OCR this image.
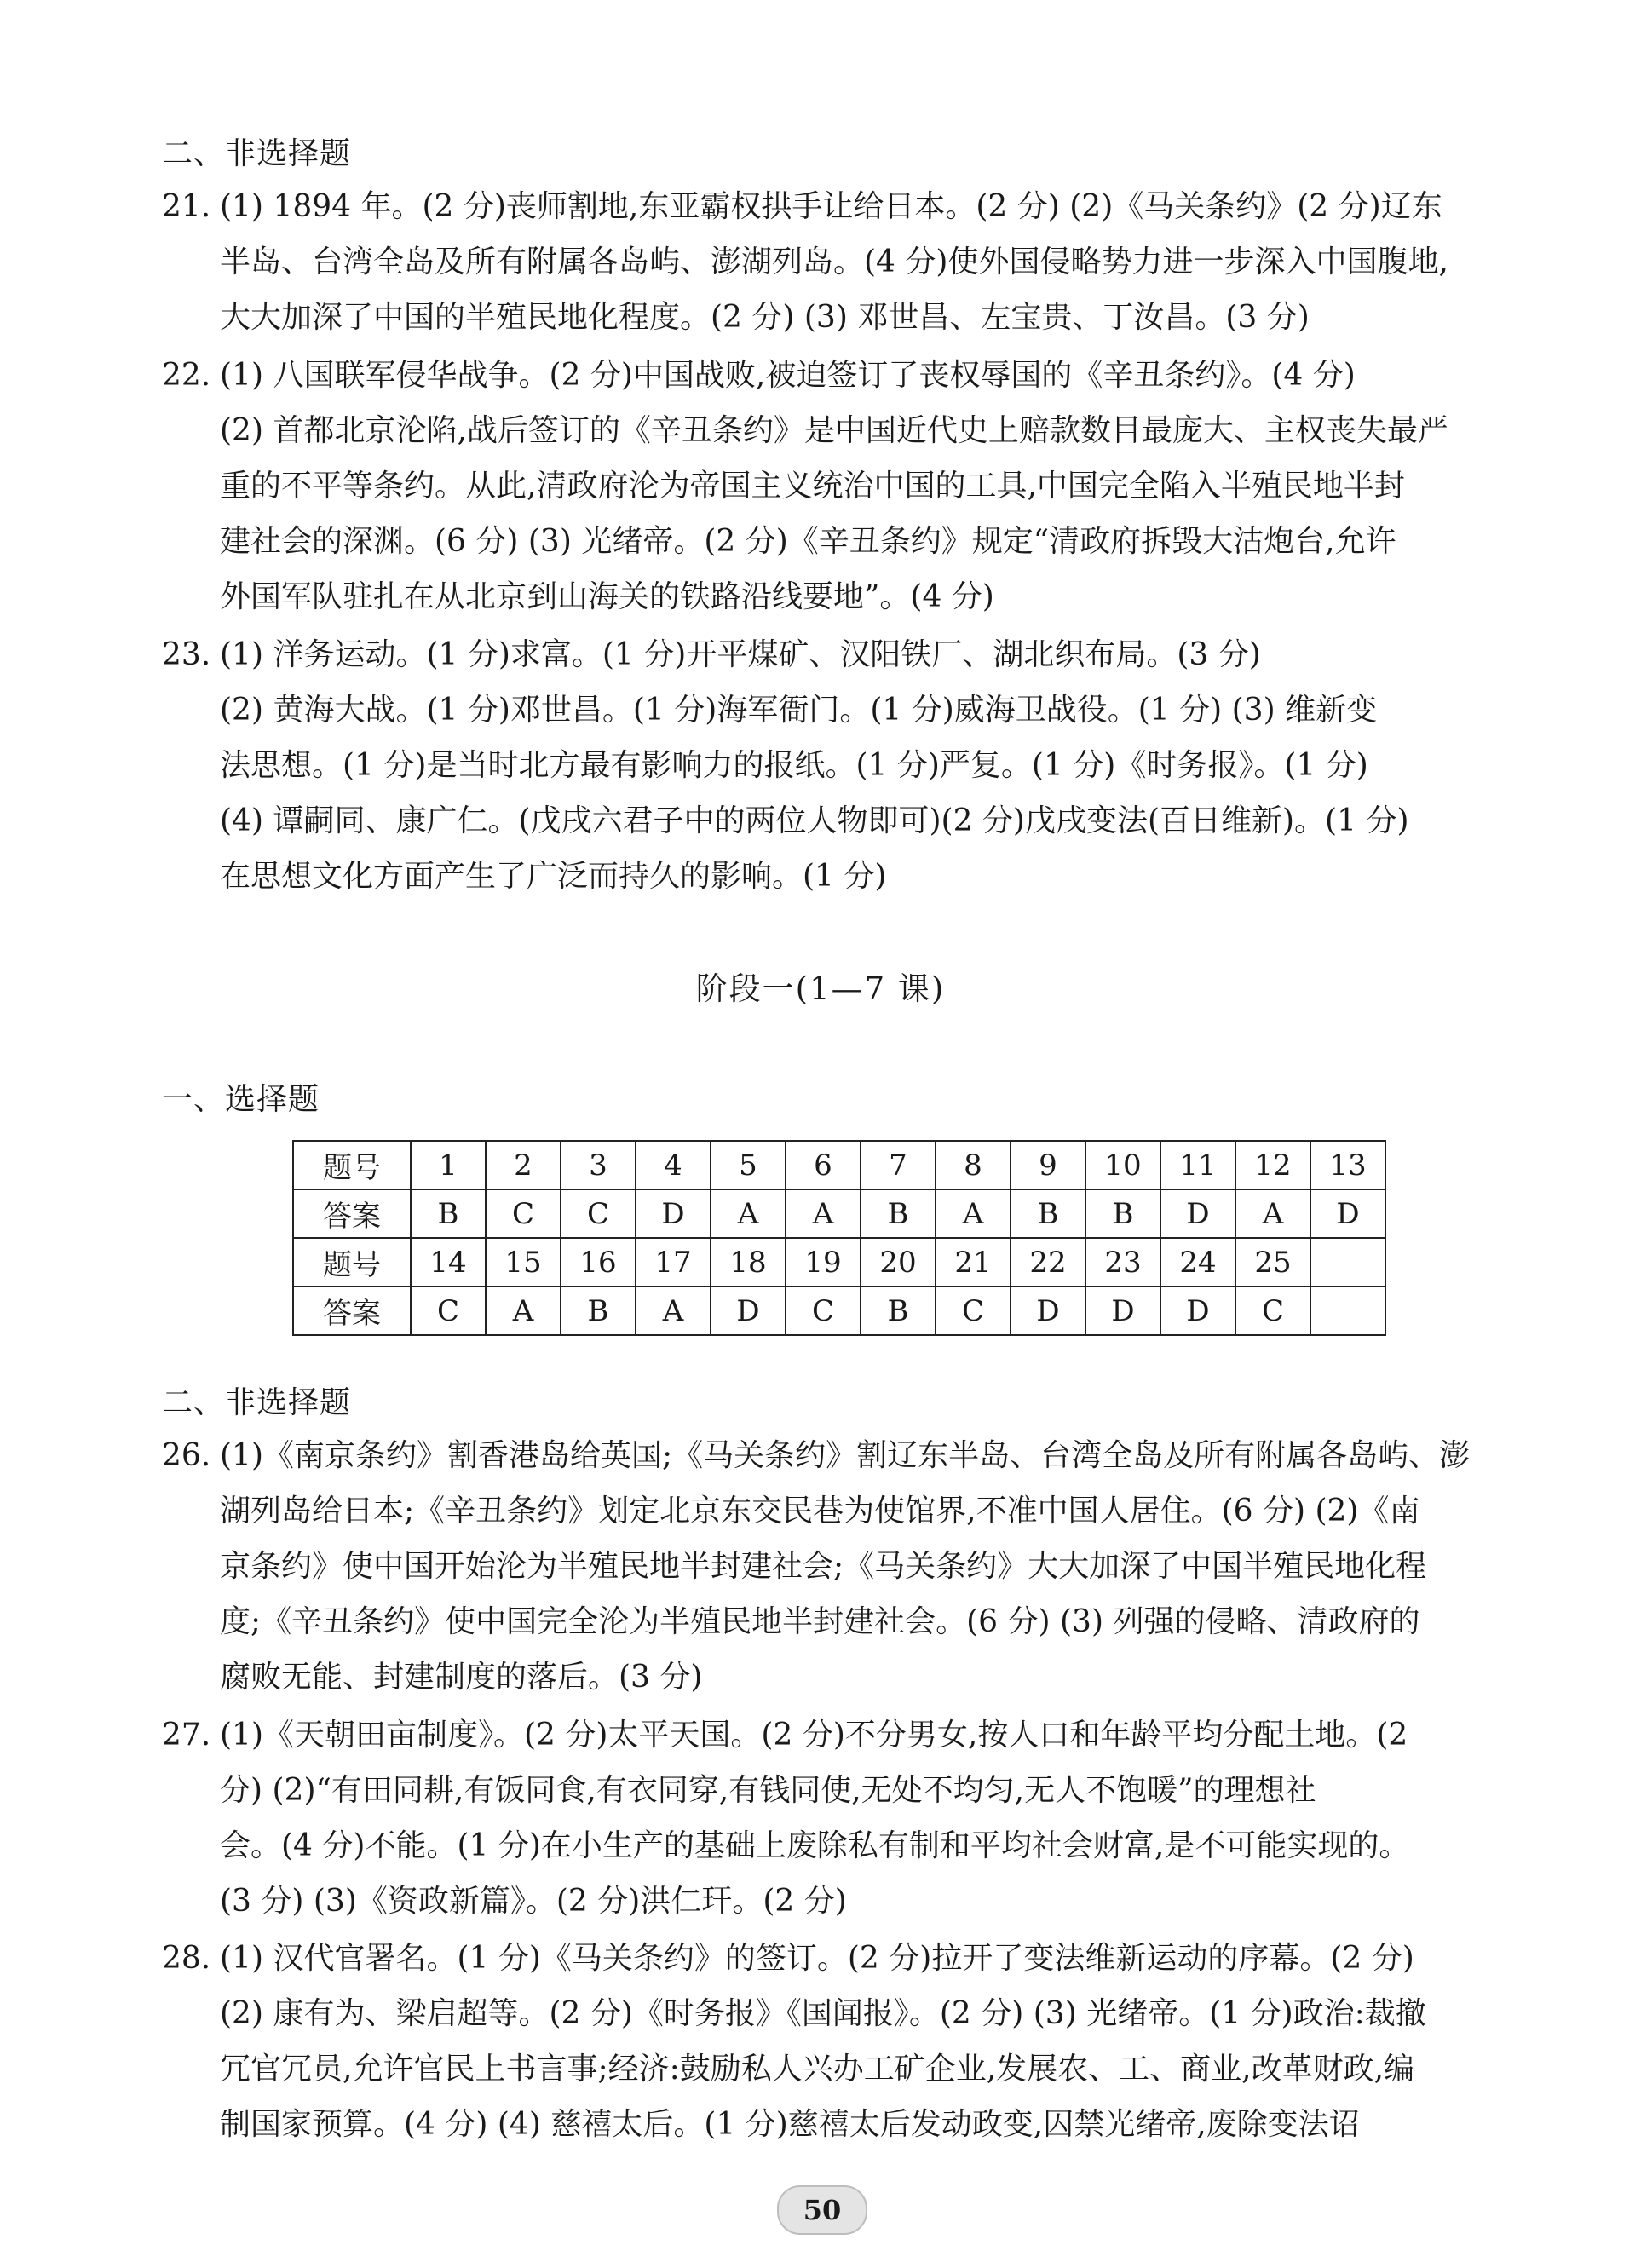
二、非选择题
21. (1) 1894 年。(2 分)丧师割地,东亚霸权拱手让给日本。(2 分) (2)《马关条约》(2 分)辽东
半岛、台湾全岛及所有附属各岛屿、澎湖列岛。(4 分)使外国侵略势力进一步深入中国腹地,
大大加深了中国的半殖民地化程度。(2 分) (3) 邓世昌、左宝贵、丁汝昌。(3 分)
22. (1) 八国联军侵华战争。(2 分)中国战败,被迫签订了丧权辱国的《辛丑条约》。(4 分)
(2) 首都北京沦陷,战后签订的《辛丑条约》是中国近代史上赔款数目最庞大、主权丧失最严
重的不平等条约。从此,清政府沦为帝国主义统治中国的工具,中国完全陷入半殖民地半封
建社会的深渊。(6 分) (3) 光绪帝。(2 分)《辛丑条约》规定“清政府拆毁大沽炮台,允许
外国军队驻扎在从北京到山海关的铁路沿线要地”。(4 分)
23. (1) 洋务运动。(1 分)求富。(1 分)开平煤矿、汉阳铁厂、湖北织布局。(3 分)
(2) 黄海大战。(1 分)邓世昌。(1 分)海军衙门。(1 分)威海卫战役。(1 分) (3) 维新变
法思想。(1 分)是当时北方最有影响力的报纸。(1 分)严复。(1 分)《时务报》。(1 分)
(4) 谭嗣同、康广仁。(戊戌六君子中的两位人物即可)(2 分)戊戌变法(百日维新)。(1 分)
在思想文化方面产生了广泛而持久的影响。(1 分)
阶段一(1—7 课)
一、选择题
题号	1	2	3	4	5	6	7	8	9	10	11	12	13
答案	B	C	C	D	A	A	B	A	B	B	D	A	D
题号	14	15	16	17	18	19	20	21	22	23	24	25	
答案	C	A	B	A	D	C	B	C	D	D	D	C	
二、非选择题
26. (1)《南京条约》割香港岛给英国;《马关条约》割辽东半岛、台湾全岛及所有附属各岛屿、澎
湖列岛给日本;《辛丑条约》划定北京东交民巷为使馆界,不准中国人居住。(6 分) (2)《南
京条约》使中国开始沦为半殖民地半封建社会;《马关条约》大大加深了中国半殖民地化程
度;《辛丑条约》使中国完全沦为半殖民地半封建社会。(6 分) (3) 列强的侵略、清政府的
腐败无能、封建制度的落后。(3 分)
27. (1)《天朝田亩制度》。(2 分)太平天国。(2 分)不分男女,按人口和年龄平均分配土地。(2
分) (2)“有田同耕,有饭同食,有衣同穿,有钱同使,无处不均匀,无人不饱暖”的理想社
会。(4 分)不能。(1 分)在小生产的基础上废除私有制和平均社会财富,是不可能实现的。
(3 分) (3)《资政新篇》。(2 分)洪仁玕。(2 分)
28. (1) 汉代官署名。(1 分)《马关条约》的签订。(2 分)拉开了变法维新运动的序幕。(2 分)
(2) 康有为、梁启超等。(2 分)《时务报》《国闻报》。(2 分) (3) 光绪帝。(1 分)政治:裁撤
冗官冗员,允许官民上书言事;经济:鼓励私人兴办工矿企业,发展农、工、商业,改革财政,编
制国家预算。(4 分) (4) 慈禧太后。(1 分)慈禧太后发动政变,囚禁光绪帝,废除变法诏
50
